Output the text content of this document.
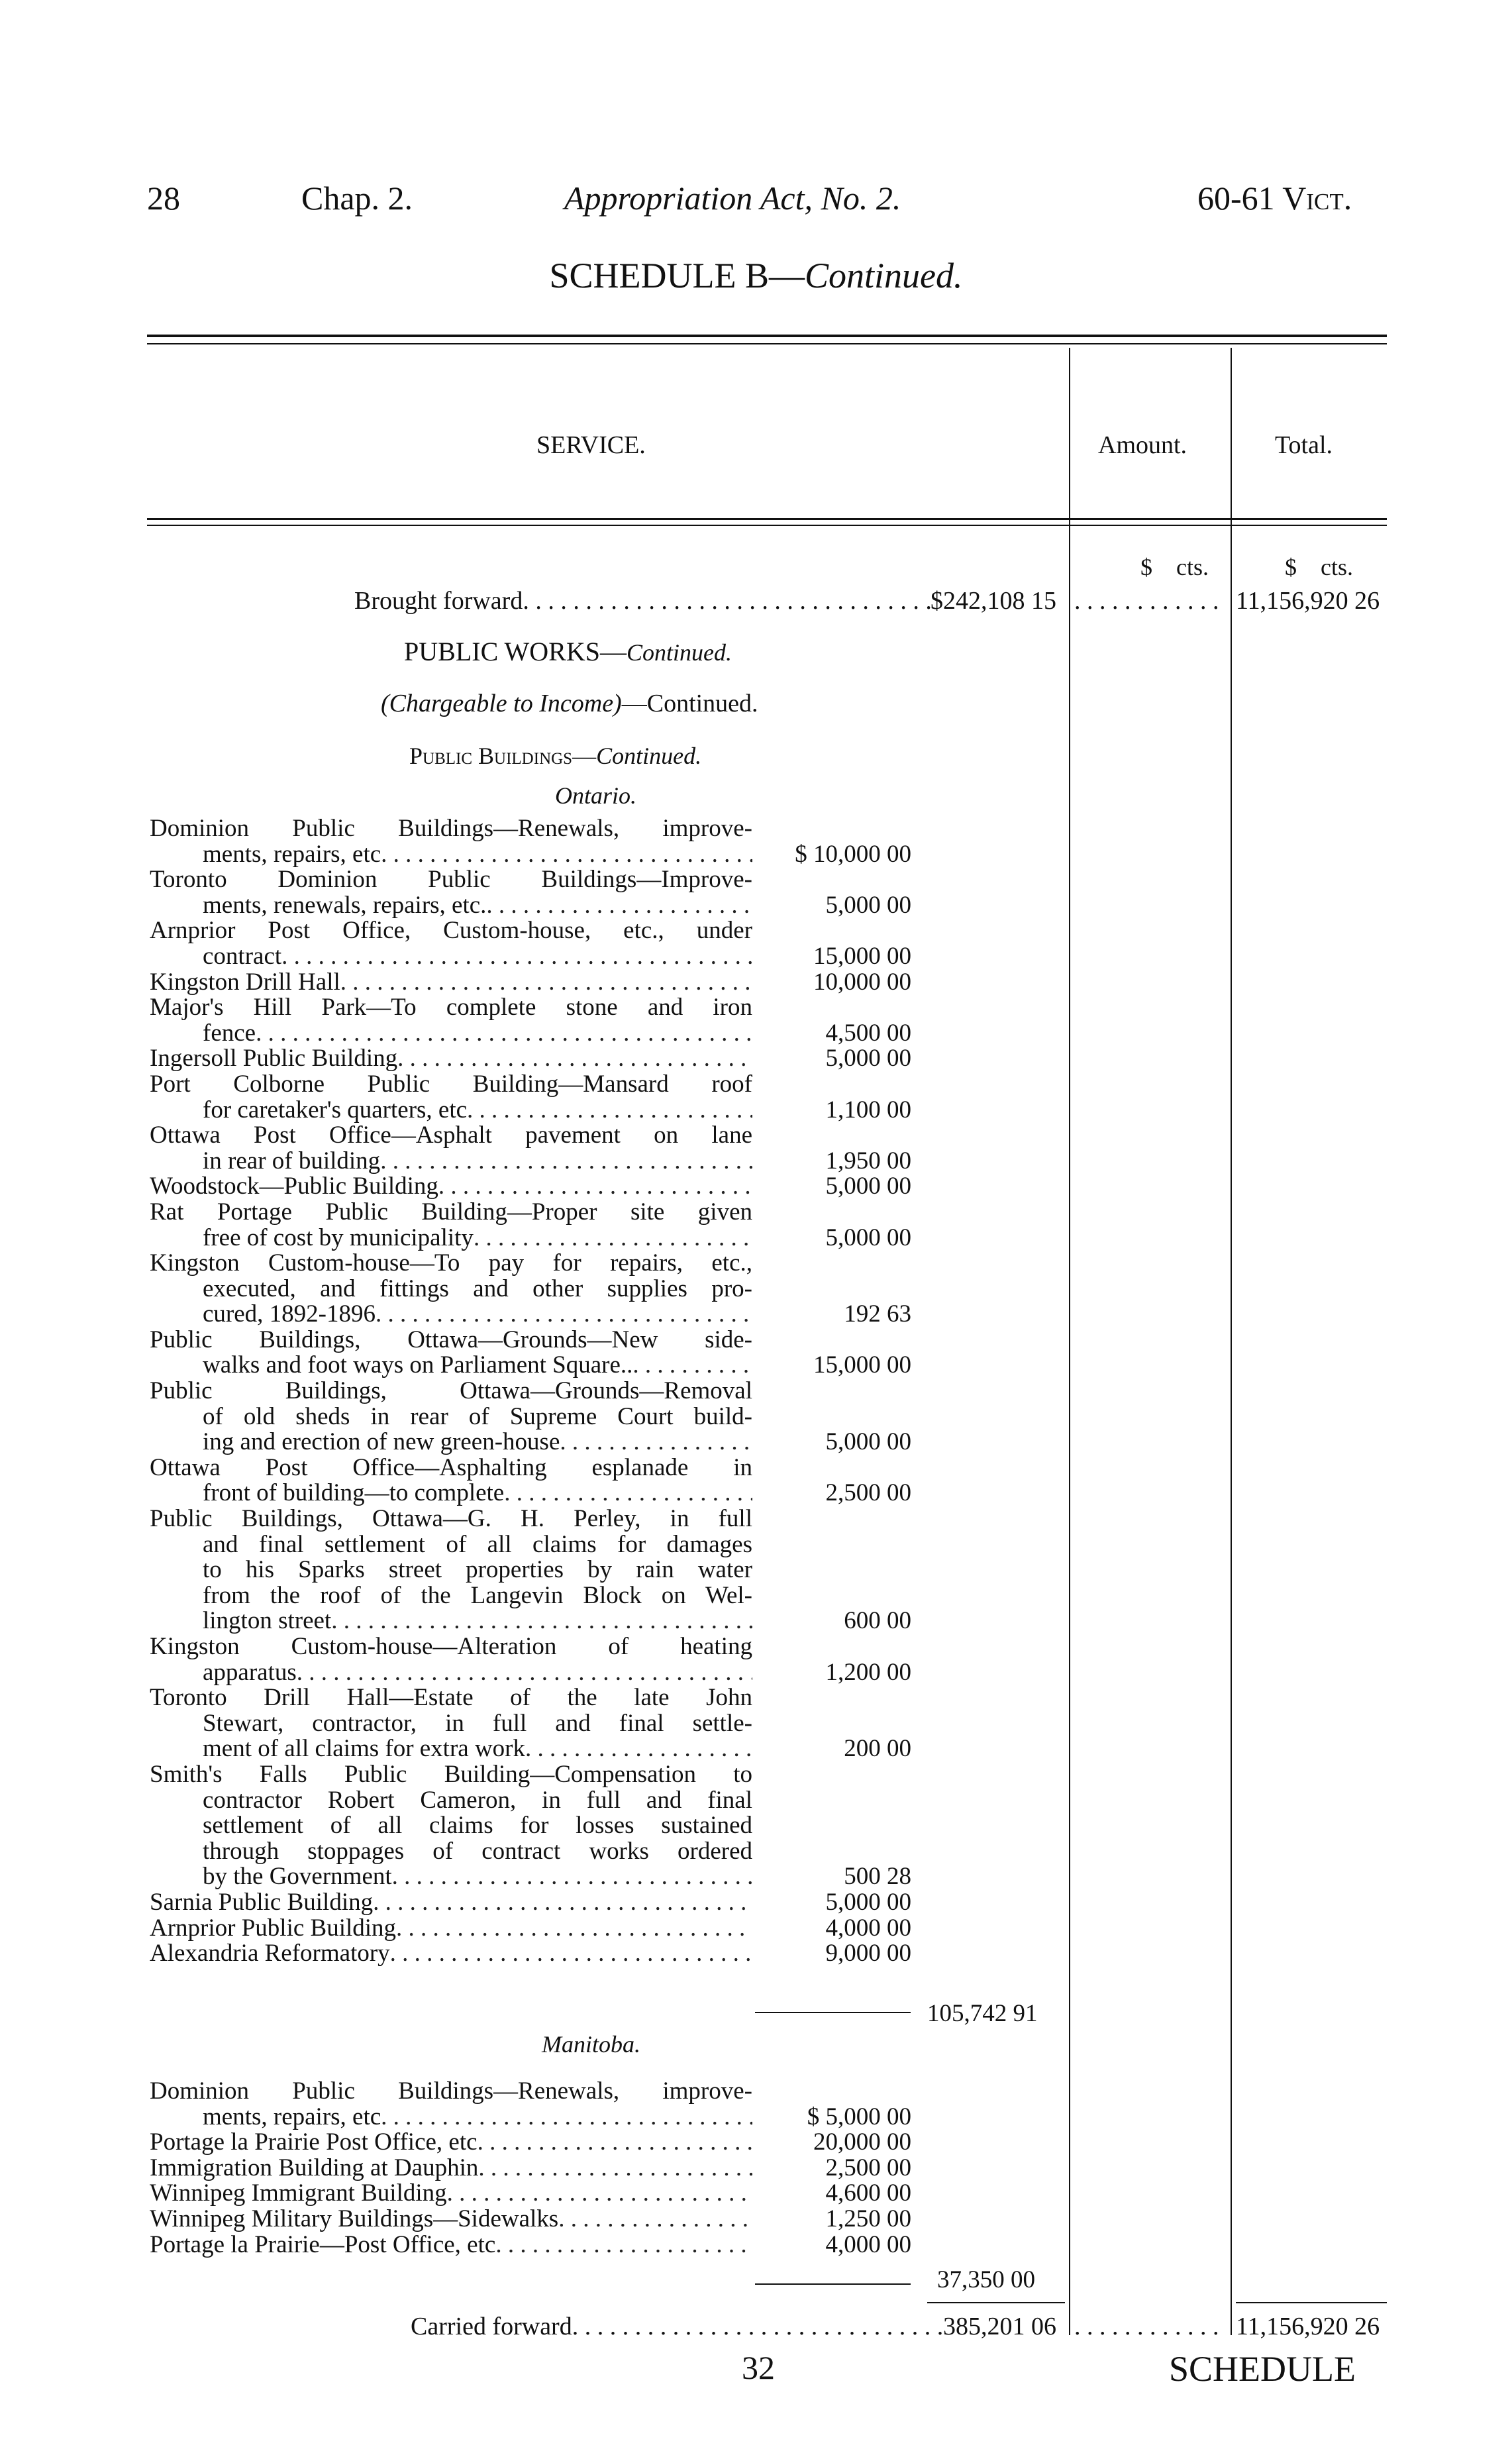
28	Chap. 2.	Appropriation Act, No. 2.	60-61 Vict.
SCHEDULE B—Continued.
SERVICE.	Amount.	Total.
$    cts.	$    cts.
Brought forward . . .	$242,108 15 . . .	11,156,920 26
PUBLIC WORKS—Continued.
(Chargeable to Income)—Continued.
Public Buildings—Continued.
Ontario.
Dominion Public Buildings—Renewals, improve-
ments, repairs, etc . . .	$ 10,000 00
Toronto Dominion Public Buildings—Improve-
ments, renewals, repairs, etc. . . .	5,000 00
Arnprior Post Office, Custom-house, etc., under
contract . . .	15,000 00
Kingston Drill Hall . . .	10,000 00
Major's Hill Park—To complete stone and iron
fence . . .	4,500 00
Ingersoll Public Building . . .	5,000 00
Port Colborne Public Building—Mansard roof
for caretaker's quarters, etc . . .	1,100 00
Ottawa Post Office—Asphalt pavement on lane
in rear of building . . .	1,950 00
Woodstock—Public Building . . .	5,000 00
Rat Portage Public Building—Proper site given
free of cost by municipality . . .	5,000 00
Kingston Custom-house—To pay for repairs, etc.,
executed, and fittings and other supplies pro-
cured, 1892-1896 . . .	192 63
Public Buildings, Ottawa—Grounds—New side-
walks and foot ways on Parliament Square.. . . .	15,000 00
Public Buildings, Ottawa—Grounds—Removal
of old sheds in rear of Supreme Court build-
ing and erection of new green-house . . .	5,000 00
Ottawa Post Office—Asphalting esplanade in
front of building—to complete . . .	2,500 00
Public Buildings, Ottawa—G. H. Perley, in full
and final settlement of all claims for damages
to his Sparks street properties by rain water
from the roof of the Langevin Block on Wel-
lington street . . .	600 00
Kingston Custom-house—Alteration of heating
apparatus . . .	1,200 00
Toronto Drill Hall—Estate of the late John
Stewart, contractor, in full and final settle-
ment of all claims for extra work . . .	200 00
Smith's Falls Public Building—Compensation to
contractor Robert Cameron, in full and final
settlement of all claims for losses sustained
through stoppages of contract works ordered
by the Government . . .	500 28
Sarnia Public Building . . .	5,000 00
Arnprior Public Building . . .	4,000 00
Alexandria Reformatory . . .	9,000 00
105,742 91
Manitoba.
Dominion Public Buildings—Renewals, improve-
ments, repairs, etc . . .	$ 5,000 00
Portage la Prairie Post Office, etc . . .	20,000 00
Immigration Building at Dauphin . . .	2,500 00
Winnipeg Immigrant Building . . .	4,600 00
Winnipeg Military Buildings—Sidewalks . . .	1,250 00
Portage la Prairie—Post Office, etc . . .	4,000 00
37,350 00
Carried forward . . .	385,201 06 . . .	11,156,920 26
32	SCHEDULE
